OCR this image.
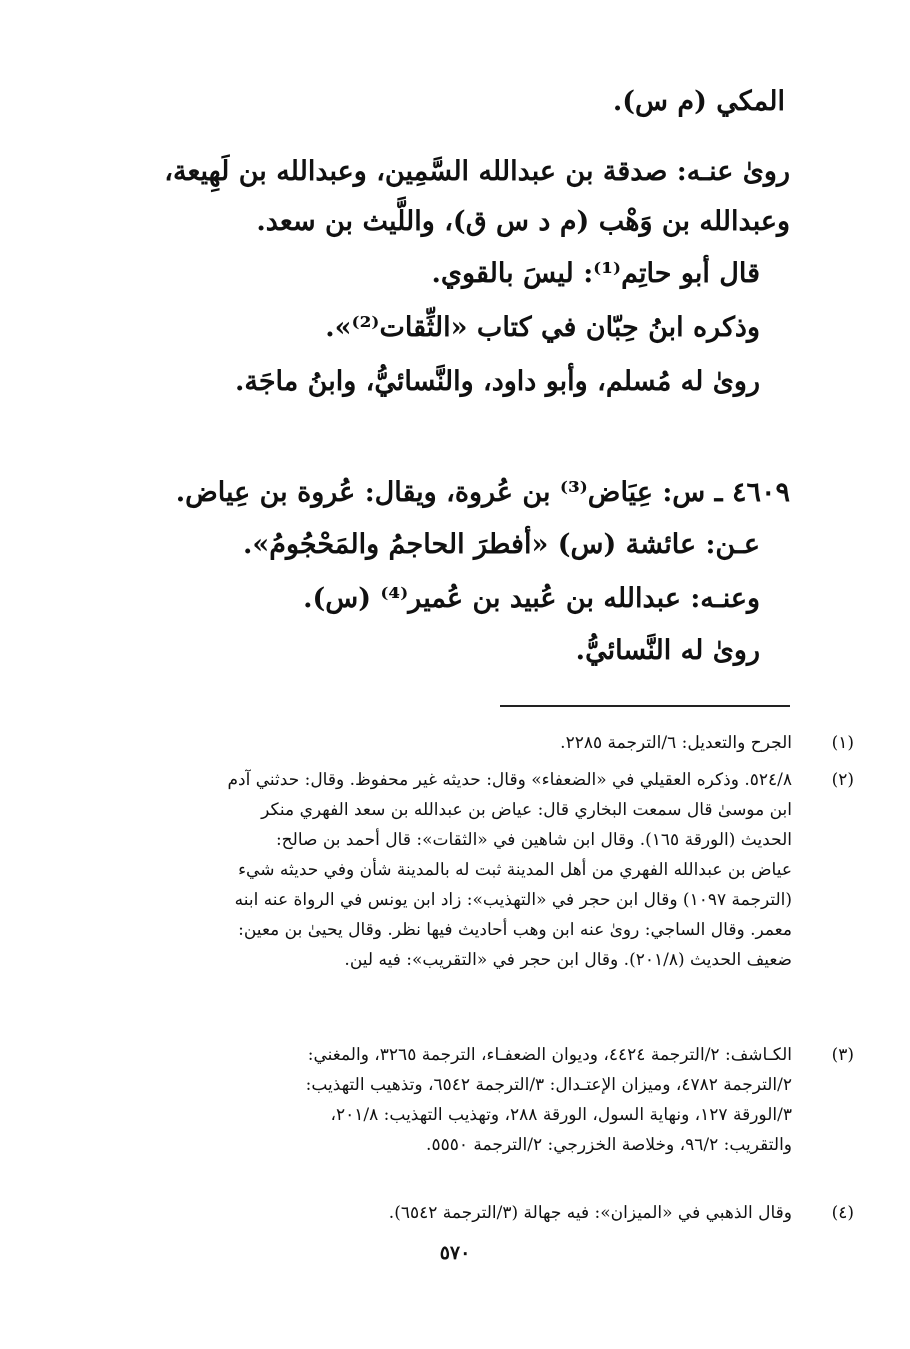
المكي (م س).
روىٰ عنـه: صدقة بن عبدالله السَّمِين، وعبدالله بن لَهِيعة،
وعبدالله بن وَهْب (م د س ق)، واللَّيث بن سعد.
قال أبو حاتِم⁽¹⁾: ليسَ بالقوي.
وذكره ابنُ حِبّان في كتاب «الثِّقات⁽²⁾».
روىٰ له مُسلم، وأبو داود، والنَّسائيُّ، وابنُ ماجَة.
٤٦٠٩ ـ س: عِيَاض⁽³⁾ بن عُروة، ويقال: عُروة بن عِياض.
عـن: عائشة (س) «أفطرَ الحاجمُ والمَحْجُومُ».
وعنـه: عبدالله بن عُبيد بن عُمير⁽⁴⁾ (س).
روىٰ له النَّسائيُّ.
(١)
الجرح والتعديل: ٦/الترجمة ٢٢٨٥.
(٢)
٥٢٤/٨. وذكره العقيلي في «الضعفاء» وقال: حديثه غير محفوظ. وقال: حدثني آدم
ابن موسىٰ قال سمعت البخاري قال: عياض بن عبدالله بن سعد الفهري منكر
الحديث (الورقة ١٦٥). وقال ابن شاهين في «الثقات»: قال أحمد بن صالح:
عياض بن عبدالله الفهري من أهل المدينة ثبت له بالمدينة شأن وفي حديثه شيء
(الترجمة ١٠٩٧) وقال ابن حجر في «التهذيب»: زاد ابن يونس في الرواة عنه ابنه
معمر. وقال الساجي: روىٰ عنه ابن وهب أحاديث فيها نظر. وقال يحيىٰ بن معين:
ضعيف الحديث (٢٠١/٨). وقال ابن حجر في «التقريب»: فيه لين.
(٣)
الكـاشف: ٢/الترجمة ٤٤٢٤، وديوان الضعفـاء، الترجمة ٣٢٦٥، والمغني:
٢/الترجمة ٤٧٨٢، وميزان الإعتـدال: ٣/الترجمة ٦٥٤٢، وتذهيب التهذيب:
٣/الورقة ١٢٧، ونهاية السول، الورقة ٢٨٨، وتهذيب التهذيب: ٢٠١/٨،
والتقريب: ٩٦/٢، وخلاصة الخزرجي: ٢/الترجمة ٥٥٥٠.
(٤)
وقال الذهبي في «الميزان»: فيه جهالة (٣/الترجمة ٦٥٤٢).
٥٧٠
